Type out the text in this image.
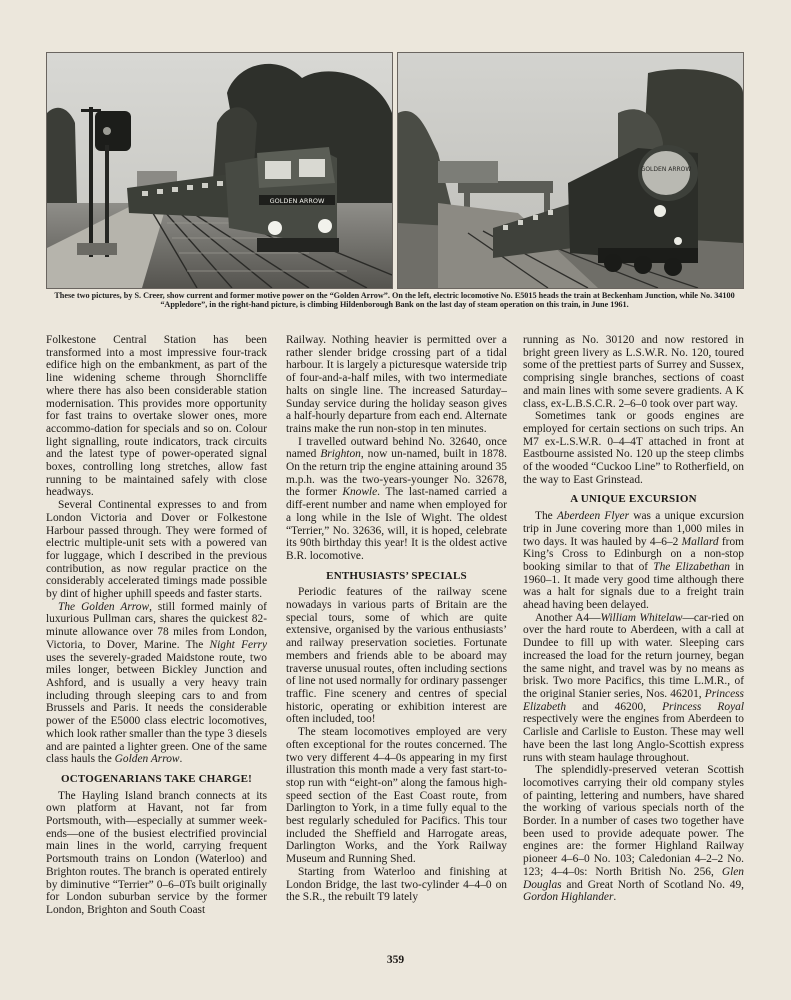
GOLDEN ARROW
GOLDEN ARROW
These two pictures, by S. Creer, show current and former motive power on the “Golden Arrow”. On the left, electric locomotive No. E5015 heads the train at Beckenham Junction, while No. 34100 “Appledore”, in the right-hand picture, is climbing Hildenborough Bank on the last day of steam operation on this train, in June 1961.

Folkestone Central Station has been transformed into a most impressive four-track edifice high on the embankment, as part of the line widening scheme through Shorncliffe where there has also been considerable station modernisation. This provides more opportunity for fast trains to overtake slower ones, more accommo-dation for specials and so on. Colour light signalling, route indicators, track circuits and the latest type of power-operated signal boxes, controlling long stretches, allow fast running to be maintained safely with close headways.

Several Continental expresses to and from London Victoria and Dover or Folkestone Harbour passed through. They were formed of electric multiple-unit sets with a powered van for luggage, which I described in the previous contribution, as now regular practice on the considerably accelerated timings made possible by dint of higher uphill speeds and faster starts.

The Golden Arrow, still formed mainly of luxurious Pullman cars, shares the quickest 82-minute allowance over 78 miles from London, Victoria, to Dover, Marine. The Night Ferry uses the severely-graded Maidstone route, two miles longer, between Bickley Junction and Ashford, and is usually a very heavy train including through sleeping cars to and from Brussels and Paris. It needs the considerable power of the E5000 class electric locomotives, which look rather smaller than the type 3 diesels and are painted a lighter green. One of the same class hauls the Golden Arrow.

OCTOGENARIANS TAKE CHARGE!

The Hayling Island branch connects at its own platform at Havant, not far from Portsmouth, with—especially at summer week-ends—one of the busiest electrified provincial main lines in the world, carrying frequent Portsmouth trains on London (Waterloo) and Brighton routes. The branch is operated entirely by diminutive “Terrier” 0–6–0Ts built originally for London suburban service by the former London, Brighton and South Coast

Railway. Nothing heavier is permitted over a rather slender bridge crossing part of a tidal harbour. It is largely a picturesque waterside trip of four-and-a-half miles, with two intermediate halts on single line. The increased Saturday–Sunday service during the holiday season gives a half-hourly departure from each end. Alternate trains make the run non-stop in ten minutes.

I travelled outward behind No. 32640, once named Brighton, now un-named, built in 1878. On the return trip the engine attaining around 35 m.p.h. was the two-years-younger No. 32678, the former Knowle. The last-named carried a diff-erent number and name when employed for a long while in the Isle of Wight. The oldest “Terrier,” No. 32636, will, it is hoped, celebrate its 90th birthday this year! It is the oldest active B.R. locomotive.

ENTHUSIASTS’ SPECIALS

Periodic features of the railway scene nowadays in various parts of Britain are the special tours, some of which are quite extensive, organised by the various enthusiasts’ and railway preservation societies. Fortunate members and friends able to be aboard may traverse unusual routes, often including sections of line not used normally for ordinary passenger traffic. Fine scenery and centres of special historic, operating or exhibition interest are often included, too!

The steam locomotives employed are very often exceptional for the routes concerned. The two very different 4–4–0s appearing in my first illustration this month made a very fast start-to-stop run with “eight-on” along the famous high-speed section of the East Coast route, from Darlington to York, in a time fully equal to the best regularly scheduled for Pacifics. This tour included the Sheffield and Harrogate areas, Darlington Works, and the York Railway Museum and Running Shed.

Starting from Waterloo and finishing at London Bridge, the last two-cylinder 4–4–0 on the S.R., the rebuilt T9 lately

running as No. 30120 and now restored in bright green livery as L.S.W.R. No. 120, toured some of the prettiest parts of Surrey and Sussex, comprising single branches, sections of coast and main lines with some severe gradients. A K class, ex-L.B.S.C.R. 2–6–0 took over part way.

Sometimes tank or goods engines are employed for certain sections on such trips. An M7 ex-L.S.W.R. 0–4–4T attached in front at Eastbourne assisted No. 120 up the steep climbs of the wooded “Cuckoo Line” to Rotherfield, on the way to East Grinstead.

A UNIQUE EXCURSION

The Aberdeen Flyer was a unique excursion trip in June covering more than 1,000 miles in two days. It was hauled by 4–6–2 Mallard from King’s Cross to Edinburgh on a non-stop booking similar to that of The Elizabethan in 1960–1. It made very good time although there was a halt for signals due to a freight train ahead having been delayed.

Another A4—William Whitelaw—car-ried on over the hard route to Aberdeen, with a call at Dundee to fill up with water. Sleeping cars increased the load for the return journey, began the same night, and travel was by no means as brisk. Two more Pacifics, this time L.M.R., of the original Stanier series, Nos. 46201, Princess Elizabeth and 46200, Princess Royal respectively were the engines from Aberdeen to Carlisle and Carlisle to Euston. These may well have been the last long Anglo-Scottish express runs with steam haulage throughout.

The splendidly-preserved veteran Scottish locomotives carrying their old company styles of painting, lettering and numbers, have shared the working of various specials north of the Border. In a number of cases two together have been used to provide adequate power. The engines are: the former Highland Railway pioneer 4–6–0 No. 103; Caledonian 4–2–2 No. 123; 4–4–0s: North British No. 256, Glen Douglas and Great North of Scotland No. 49, Gordon Highlander.

359
